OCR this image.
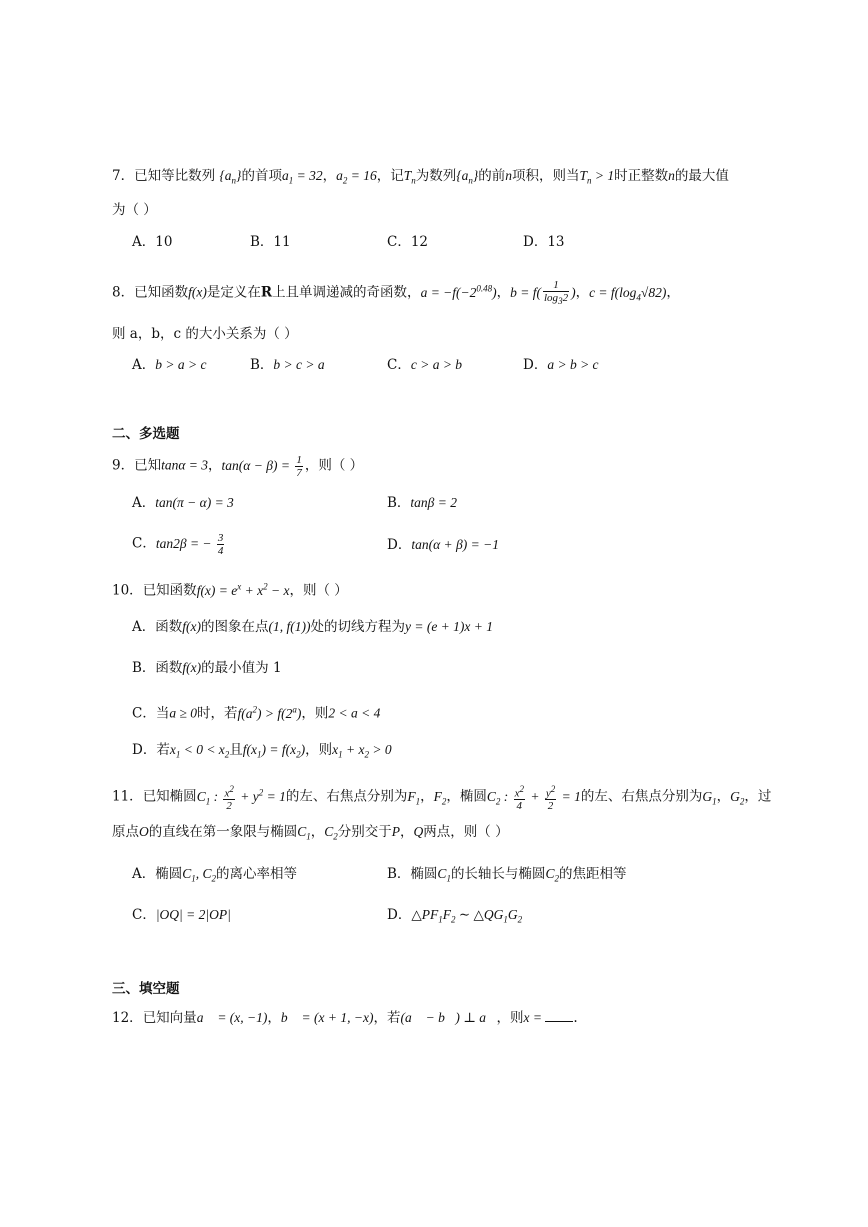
7．已知等比数列 $\{a_n\}$的首项$a_1 = 32$，$a_2 = 16$，记$T_n$为数列$\{a_n\}$的前n项积，则当$T_n > 1$时正整数n的最大值
为（ ）
A．10	B．11	C．12	D．13
8．已知函数f(x)是定义在R上且单调递减的奇函数，$a = -f(-2^{0.48})$，$b = f( \frac{1}{\log_32}$ )，$c = f(\log_4√82)$，
则 a，b，c 的大小关系为（ ）
A．b > a > c	B．b > c > a	C．c > a > b	D．a > b > c
二、多选题
9．已知tanα = 3，$\tan(\alpha - \beta) = \frac{1}{7}$ ，则（ ）
A．tan(π − α) = 3	B．tanβ = 2
C．tan2β = − $\frac{3}{4}$	D．tan(α + β) = −1
10．已知函数$f(x) = e^x + x^2 - x$，则（ ）
A．函数f(x)的图象在点(1, f(1))处的切线方程为y = (e + 1)x + 1
B．函数f(x)的最小值为 1
C．当a ≥ 0时，若$f(a^2) > f(2^a)$，则2 < a < 4
D．若$x_1 < 0 < x_2$且$f(x_1) = f(x_2)$，则$x_1 + x_2 > 0$
11．已知椭圆$C_1$ : $\frac{x^2}{2} + y^2 = 1$的左、右焦点分别为$F_1$，$F_2$，椭圆$C_2$ : $\frac{x^2}{4} + \frac{y^2}{2} = 1$的左、右焦点分别为$G_1$，$G_2$，过
原点O的直线在第一象限与椭圆$C_1$，$C_2$分别交于P，Q两点，则（ ）
A．椭圆$C_1$, $C_2$的离心率相等	B．椭圆$C_1$的长轴长与椭圆$C_2$的焦距相等
C．|OQ| = 2|OP|	D．$\triangle PF_1F_2$ ∼ $\triangle QG_1G_2$
三、填空题
12．已知向量a⃗ = (x, −1)，b⃗ = (x + 1, −x)，若(a⃗ − b⃗) ⊥ a⃗，则x = .
